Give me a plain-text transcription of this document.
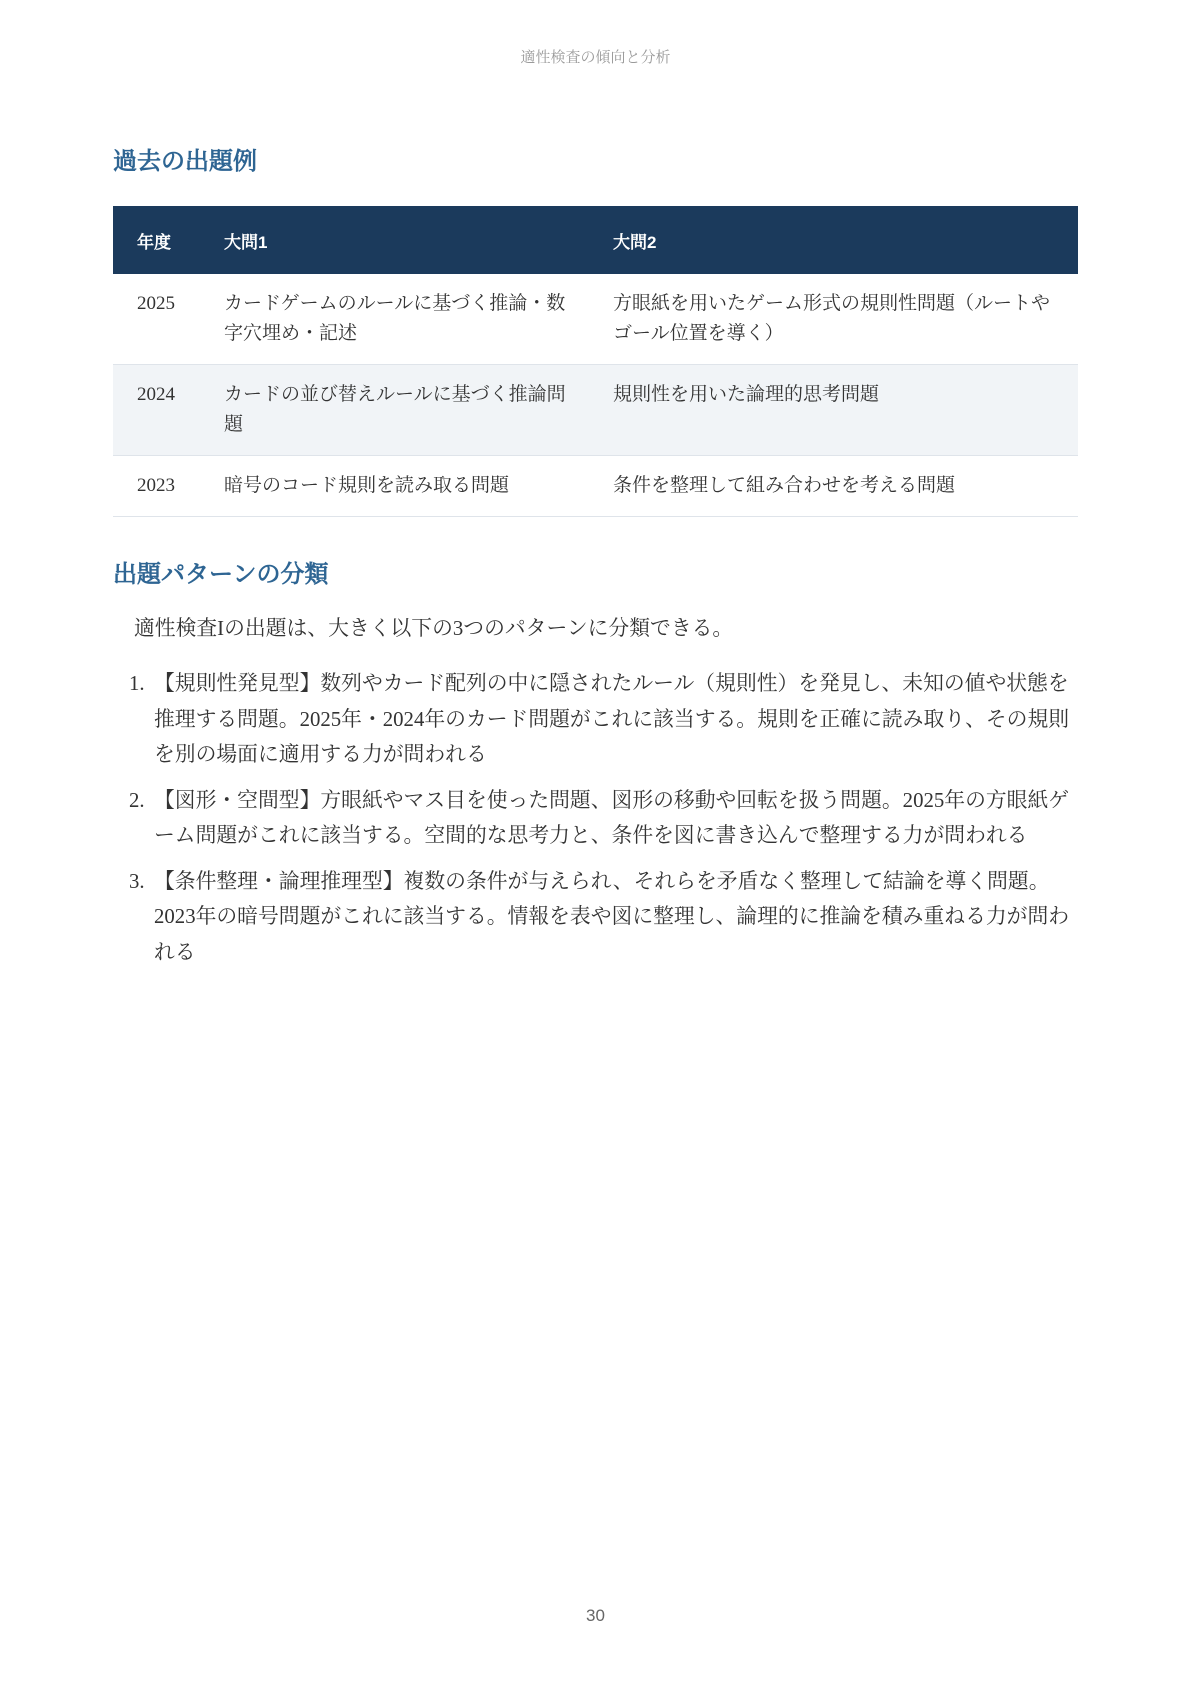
適性検査の傾向と分析
過去の出題例
年度	大問1	大問2
2025	カードゲームのルールに基づく推論・数字穴埋め・記述	方眼紙を用いたゲーム形式の規則性問題（ルートやゴール位置を導く）
2024	カードの並び替えルールに基づく推論問題	規則性を用いた論理的思考問題
2023	暗号のコード規則を読み取る問題	条件を整理して組み合わせを考える問題
出題パターンの分類

適性検査Iの出題は、大きく以下の3つのパターンに分類できる。

1. 【規則性発見型】数列やカード配列の中に隠されたルール（規則性）を発見し、未知の値や状態を推理する問題。2025年・2024年のカード問題がこれに該当する。規則を正確に読み取り、その規則を別の場面に適用する力が問われる
2. 【図形・空間型】方眼紙やマス目を使った問題、図形の移動や回転を扱う問題。2025年の方眼紙ゲーム問題がこれに該当する。空間的な思考力と、条件を図に書き込んで整理する力が問われる
3. 【条件整理・論理推理型】複数の条件が与えられ、それらを矛盾なく整理して結論を導く問題。2023年の暗号問題がこれに該当する。情報を表や図に整理し、論理的に推論を積み重ねる力が問われる
30
